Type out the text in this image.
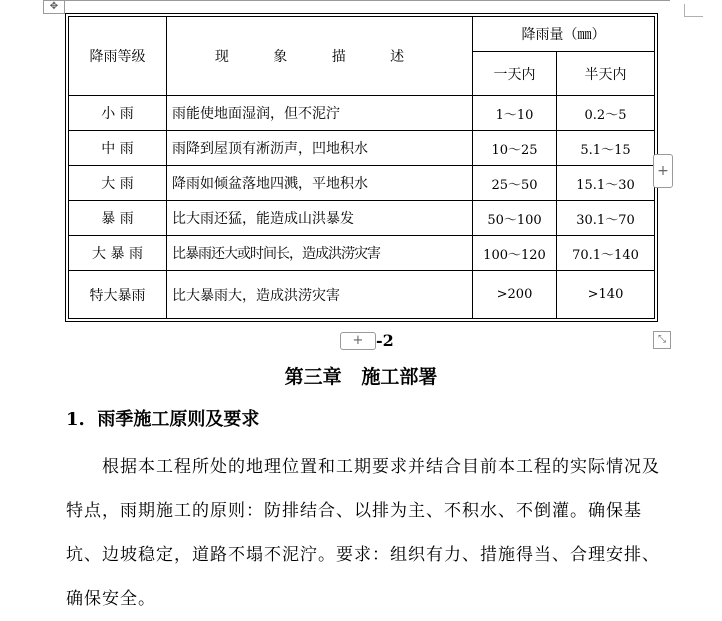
✥
降雨等级	现 象 描 述	降雨量（㎜）	
		一天内	半天内
小 雨	雨能使地面湿润，但不泥泞	1～10	0.2～5
中 雨	雨降到屋顶有淅沥声，凹地积水	10～25	5.1～15
大 雨	降雨如倾盆落地四溅，平地积水	25～50	15.1～30
暴 雨	比大雨还猛，能造成山洪暴发	50～100	30.1～70
大 暴 雨	比暴雨还大或时间长，造成洪涝灾害	100～120	70.1～140
特大暴雨	比大暴雨大，造成洪涝灾害	>200	>140
+
+ -2	⤡
第三章   施工部署
1.  雨季施工原则及要求
根据本工程所处的地理位置和工期要求并结合目前本工程的实际情况及特点，雨期施工的原则：防排结合、以排为主、不积水、不倒灌。确保基坑、边坡稳定，道路不塌不泥泞。要求：组织有力、措施得当、合理安排、确保安全。
